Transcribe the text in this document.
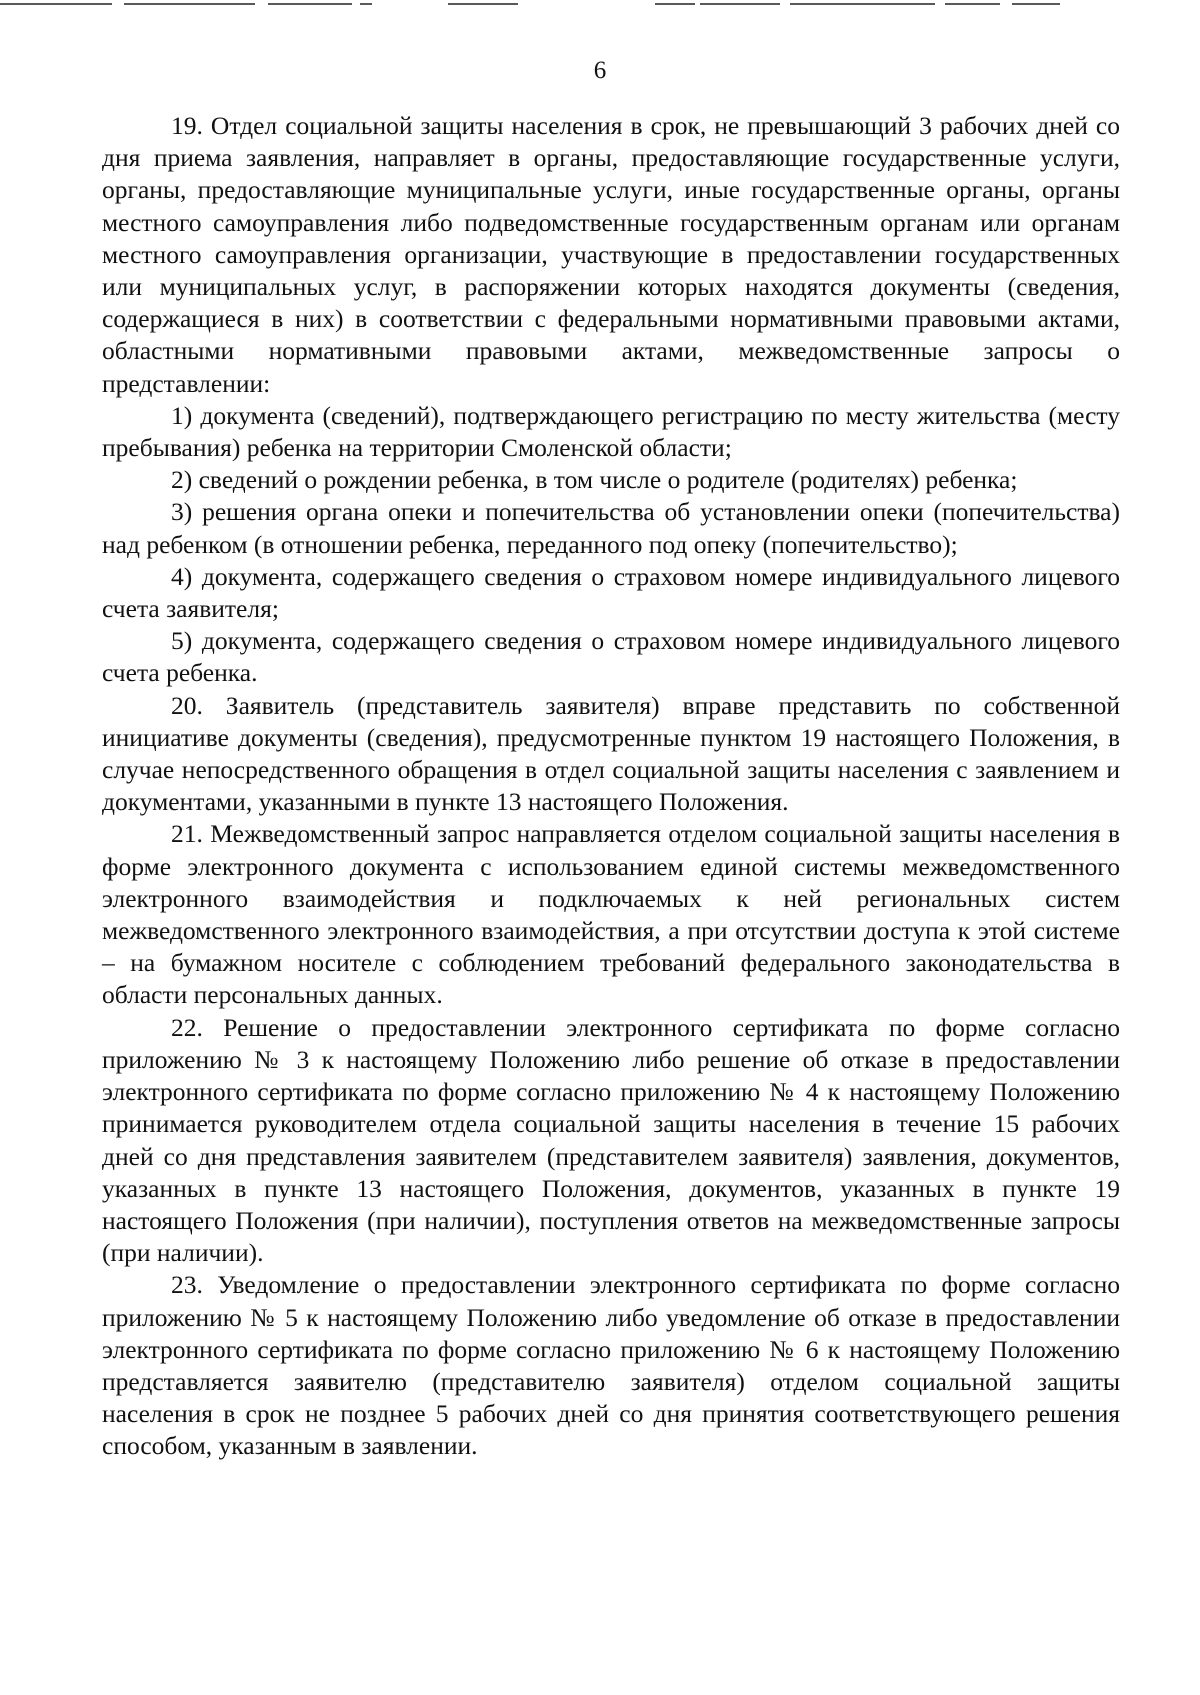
6

19. Отдел социальной защиты населения в срок, не превышающий 3 рабочих дней со дня приема заявления, направляет в органы, предоставляющие государственные услуги, органы, предоставляющие муниципальные услуги, иные государственные органы, органы местного самоуправления либо подведомственные государственным органам или органам местного самоуправления организации, участвующие в предоставлении государственных или муниципальных услуг, в распоряжении которых находятся документы (сведения, содержащиеся в них) в соответствии с федеральными нормативными правовыми актами, областными нормативными правовыми актами, межведомственные запросы о представлении:

1) документа (сведений), подтверждающего регистрацию по месту жительства (месту пребывания) ребенка на территории Смоленской области;

2) сведений о рождении ребенка, в том числе о родителе (родителях) ребенка;

3) решения органа опеки и попечительства об установлении опеки (попечительства) над ребенком (в отношении ребенка, переданного под опеку (попечительство);

4) документа, содержащего сведения о страховом номере индивидуального лицевого счета заявителя;

5) документа, содержащего сведения о страховом номере индивидуального лицевого счета ребенка.

20. Заявитель (представитель заявителя) вправе представить по собственной инициативе документы (сведения), предусмотренные пунктом 19 настоящего Положения, в случае непосредственного обращения в отдел социальной защиты населения с заявлением и документами, указанными в пункте 13 настоящего Положения.

21. Межведомственный запрос направляется отделом социальной защиты населения в форме электронного документа с использованием единой системы межведомственного электронного взаимодействия и подключаемых к ней региональных систем межведомственного электронного взаимодействия, а при отсутствии доступа к этой системе – на бумажном носителе с соблюдением требований федерального законодательства в области персональных данных.

22. Решение о предоставлении электронного сертификата по форме согласно приложению № 3 к настоящему Положению либо решение об отказе в предоставлении электронного сертификата по форме согласно приложению № 4 к настоящему Положению принимается руководителем отдела социальной защиты населения в течение 15 рабочих дней со дня представления заявителем (представителем заявителя) заявления, документов, указанных в пункте 13 настоящего Положения, документов, указанных в пункте 19 настоящего Положения (при наличии), поступления ответов на межведомственные запросы (при наличии).

23. Уведомление о предоставлении электронного сертификата по форме согласно приложению № 5 к настоящему Положению либо уведомление об отказе в предоставлении электронного сертификата по форме согласно приложению № 6 к настоящему Положению представляется заявителю (представителю заявителя) отделом социальной защиты населения в срок не позднее 5 рабочих дней со дня принятия соответствующего решения способом, указанным в заявлении.
